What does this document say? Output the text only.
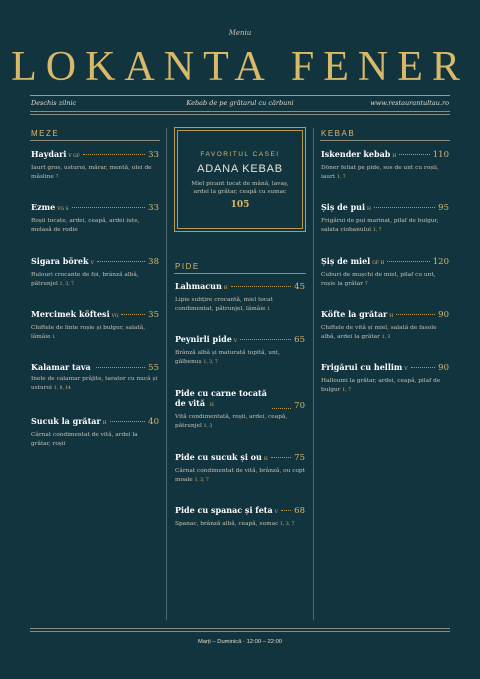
Meniu
LOKANTA FENER
Deschis zilnic	Kebab de pe grătarul cu cărbuni	www.restaurantultau.ro
MEZE	KEBAB
PIDE
FAVORITUL CASEI
ADANA KEBAB
Miel picant tocat de mână, lavaș, ardei la grătar, ceapă cu sumac
105
Haydari V GF	33
Iaurt gros, usturoi, mărar, mentă, ulei de măsline 7
Ezme VG S	33
Roșii tocate, ardei, ceapă, ardei iute, melasă de rodie
Sigara börek V	38
Rulouri crocante de foi, brânză albă, pătrunjel 1, 3, 7
Mercimek köftesi VG	35
Chiftele de linte roșie și bulgur, salată, lămâie 1
Kalamar tava	55
Inele de calamar prăjite, tarator cu nucă și usturoi 1, 8, 14
Sucuk la grătar H	40
Cârnat condimentat de vită, ardei la grătar, roșii
Lahmacun H	45
Lipie subțire crocantă, miel tocat condimentat, pătrunjel, lămâie 1
Peynirli pide V	65
Brânză albă și maturată topită, unt, gălbenuș 1, 3, 7
Pide cu carne tocată de vită H	70
Vită condimentată, roșii, ardei, ceapă, pătrunjel 1, 3
Pide cu sucuk și ou H	75
Cârnat condimentat de vită, brânză, ou copt moale 1, 3, 7
Pide cu spanac și feta V 68
Spanac, brânză albă, ceapă, sumac 1, 3, 7
Iskender kebab H	110
Döner feliat pe pide, sos de unt cu roșii, iaurt 1, 7
Șiș de pui H	95
Frigărui de pui marinat, pilaf de bulgur, salata ciobanului 1, 7
Șiș de miel GF H	120
Cuburi de mușchi de miel, pilaf cu unt, roșie la grătar 7
Köfte la grătar H	90
Chiftele de vită și miel, salată de fasole albă, ardei la grătar 1, 3
Frigărui cu hellim V	90
Halloumi la grătar, ardei, ceapă, pilaf de bulgur 1, 7
Marți – Duminică · 12:00 – 22:00
